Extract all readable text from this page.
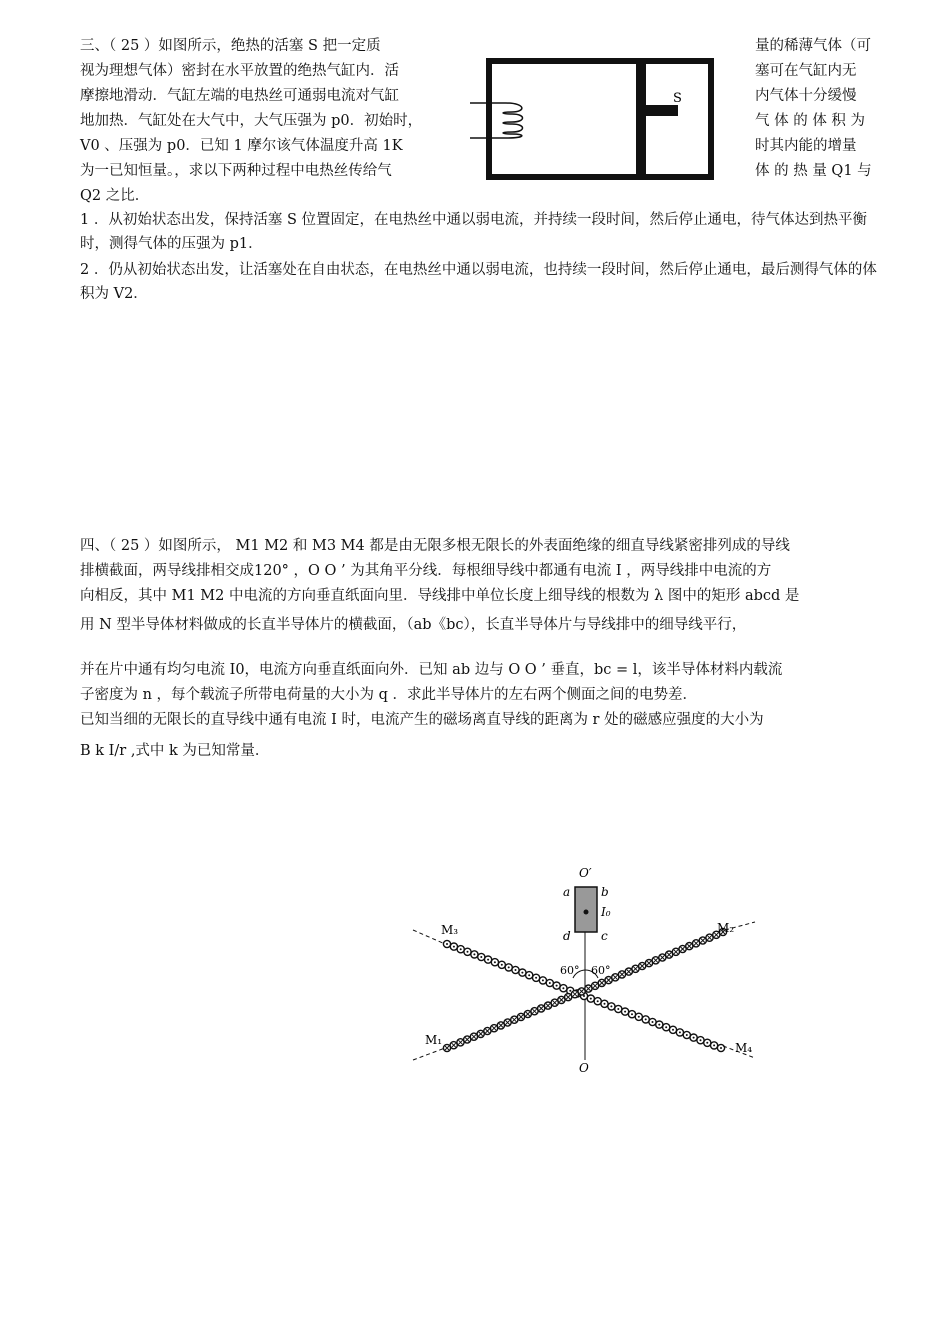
三、（ 25 ）如图所示，绝热的活塞 S 把一定质
视为理想气体）密封在水平放置的绝热气缸内．活
摩擦地滑动．气缸左端的电热丝可通弱电流对气缸
地加热．气缸处在大气中，大气压强为 p0．初始时，
V0 、压强为 p0．已知 1 摩尔该气体温度升高 1K
为一已知恒量。，求以下两种过程中电热丝传给气
Q2 之比．
量的稀薄气体（可
塞可在气缸内无
内气体十分缓慢
气 体 的 体 积 为
时其内能的增量
体 的 热 量 Q1 与
S
1 ．从初始状态出发，保持活塞 S 位置固定，在电热丝中通以弱电流，并持续一段时间，然后停止通电，待气体达到热平衡时，测得气体的压强为 p1．
2 ．仍从初始状态出发，让活塞处在自由状态，在电热丝中通以弱电流，也持续一段时间，然后停止通电，最后测得气体的体积为 V2．
四、（ 25 ）如图所示， M1 M2 和 M3 M4 都是由无限多根无限长的外表面绝缘的细直导线紧密排列成的导线
排横截面，两导线排相交成120° ，O O ’ 为其角平分线．每根细导线中都通有电流 I ，两导线排中电流的方
向相反，其中 M1 M2 中电流的方向垂直纸面向里．导线排中单位长度上细导线的根数为 λ 图中的矩形 abcd 是
用 N 型半导体材料做成的长直半导体片的横截面，（ab《bc），长直半导体片与导线排中的细导线平行，
并在片中通有均匀电流 I0，电流方向垂直纸面向外．已知 ab 边与 O O ’ 垂直，bc = l，该半导体材料内载流
子密度为 n ，每个载流子所带电荷量的大小为 q ．求此半导体片的左右两个侧面之间的电势差．
已知当细的无限长的直导线中通有电流 I 时，电流产生的磁场离直导线的距离为 r 处的磁感应强度的大小为
B k I/r ,式中 k 为已知常量．
O′
O
a	b
I₀
c
d
M₃	M₂
M₁
M₄
60° 60°
